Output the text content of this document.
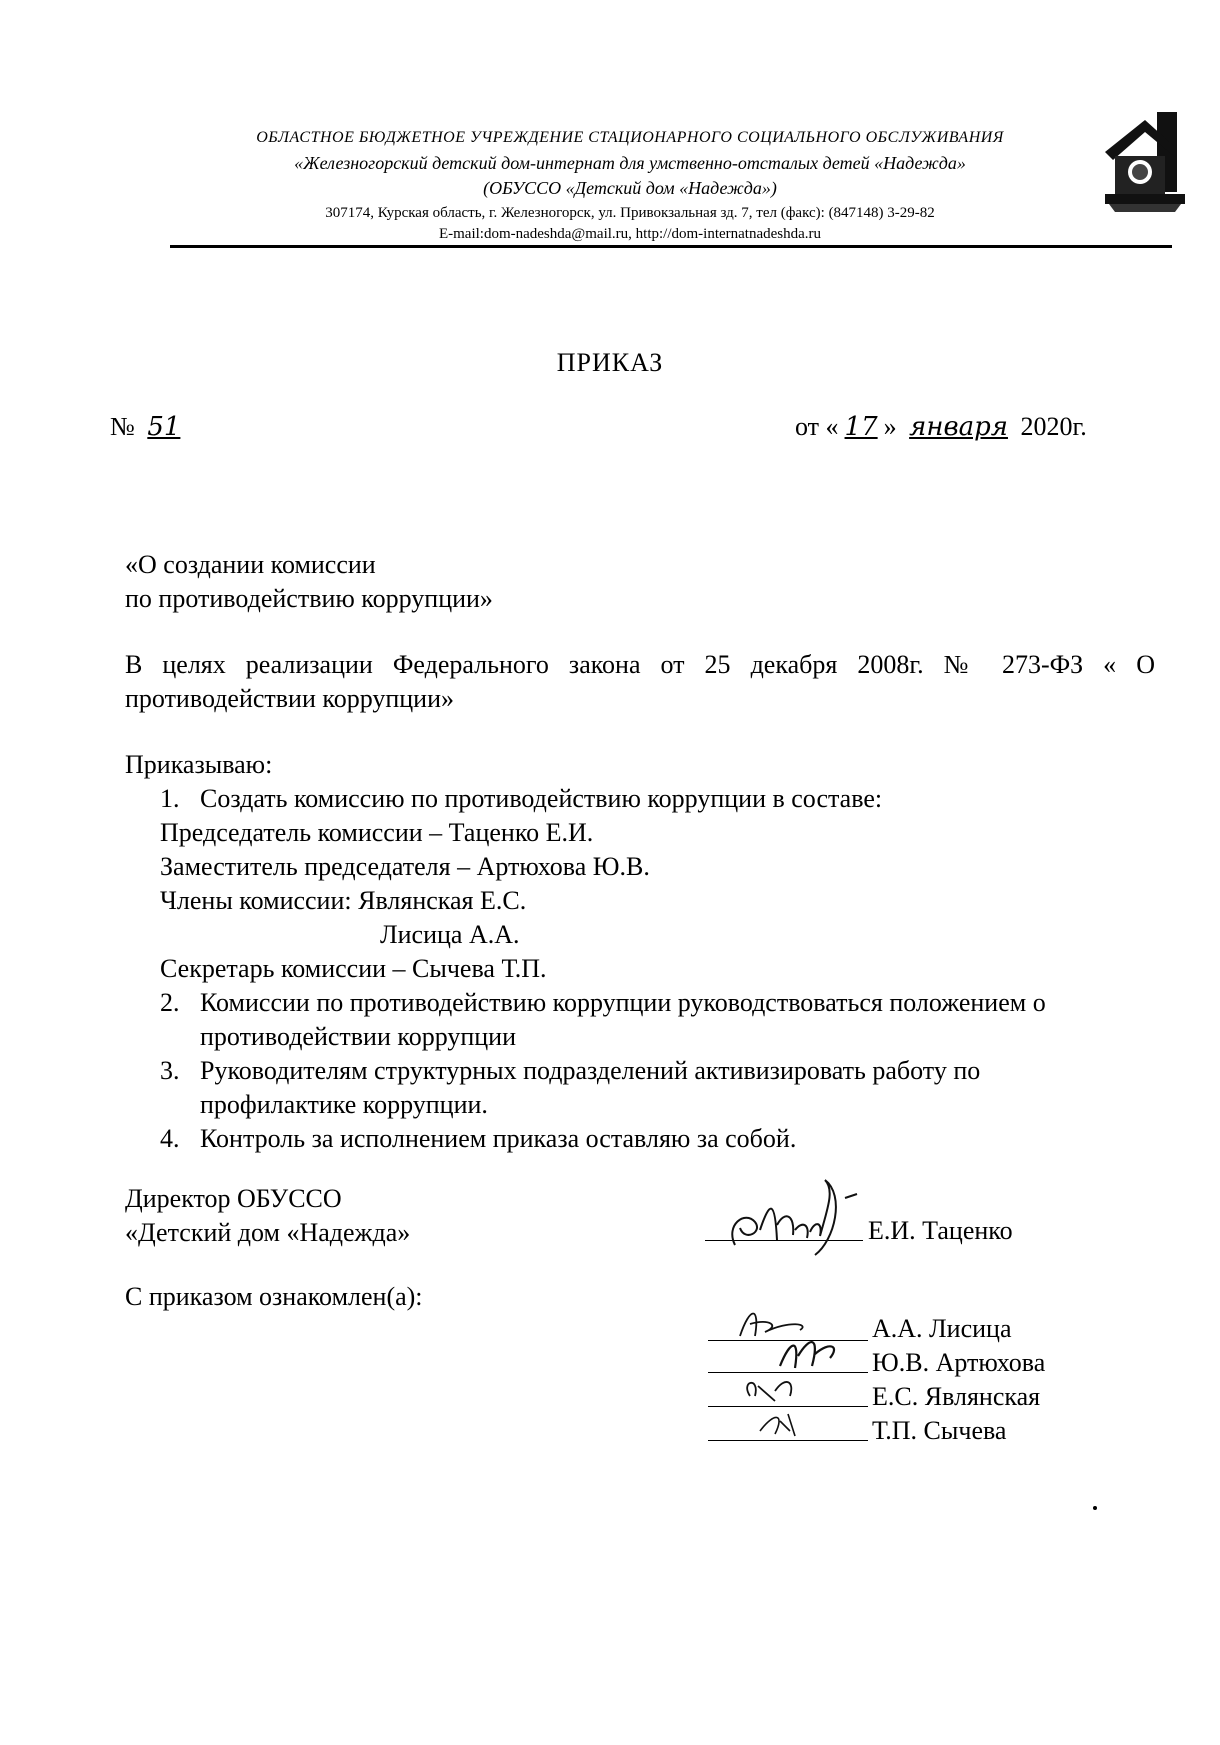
ОБЛАСТНОЕ БЮДЖЕТНОЕ УЧРЕЖДЕНИЕ СТАЦИОНАРНОГО СОЦИАЛЬНОГО ОБСЛУЖИВАНИЯ
«Железногорский детский дом-интернат для умственно-отсталых детей «Надежда»
(ОБУССО «Детский дом «Надежда»)
307174, Курская область, г. Железногорск, ул. Привокзальная зд. 7, тел (факс): (847148) 3-29-82
E-mail:dom-nadeshda@mail.ru, http://dom-internatnadeshda.ru
ПРИКАЗ
№ 51	от « 17 » января 2020г.
«О создании комиссии
по противодействию коррупции»
В целях реализации Федерального закона от 25 декабря 2008г. № 273-ФЗ « О противодействии коррупции»
Приказываю:
1. Создать комиссию по противодействию коррупции в составе:
Председатель комиссии – Таценко Е.И.
Заместитель председателя – Артюхова Ю.В.
Члены комиссии: Являнская Е.С.
Лисица А.А.
Секретарь комиссии – Сычева Т.П.
2. Комиссии по противодействию коррупции руководствоваться положением о
противодействии коррупции
3. Руководителям структурных подразделений активизировать работу по
профилактике коррупции.
4. Контроль за исполнением приказа оставляю за собой.
Директор ОБУССО
«Детский дом «Надежда»	Е.И. Таценко
С приказом ознакомлен(а):
А.А. Лисица
Ю.В. Артюхова
Е.С. Являнская
Т.П. Сычева
